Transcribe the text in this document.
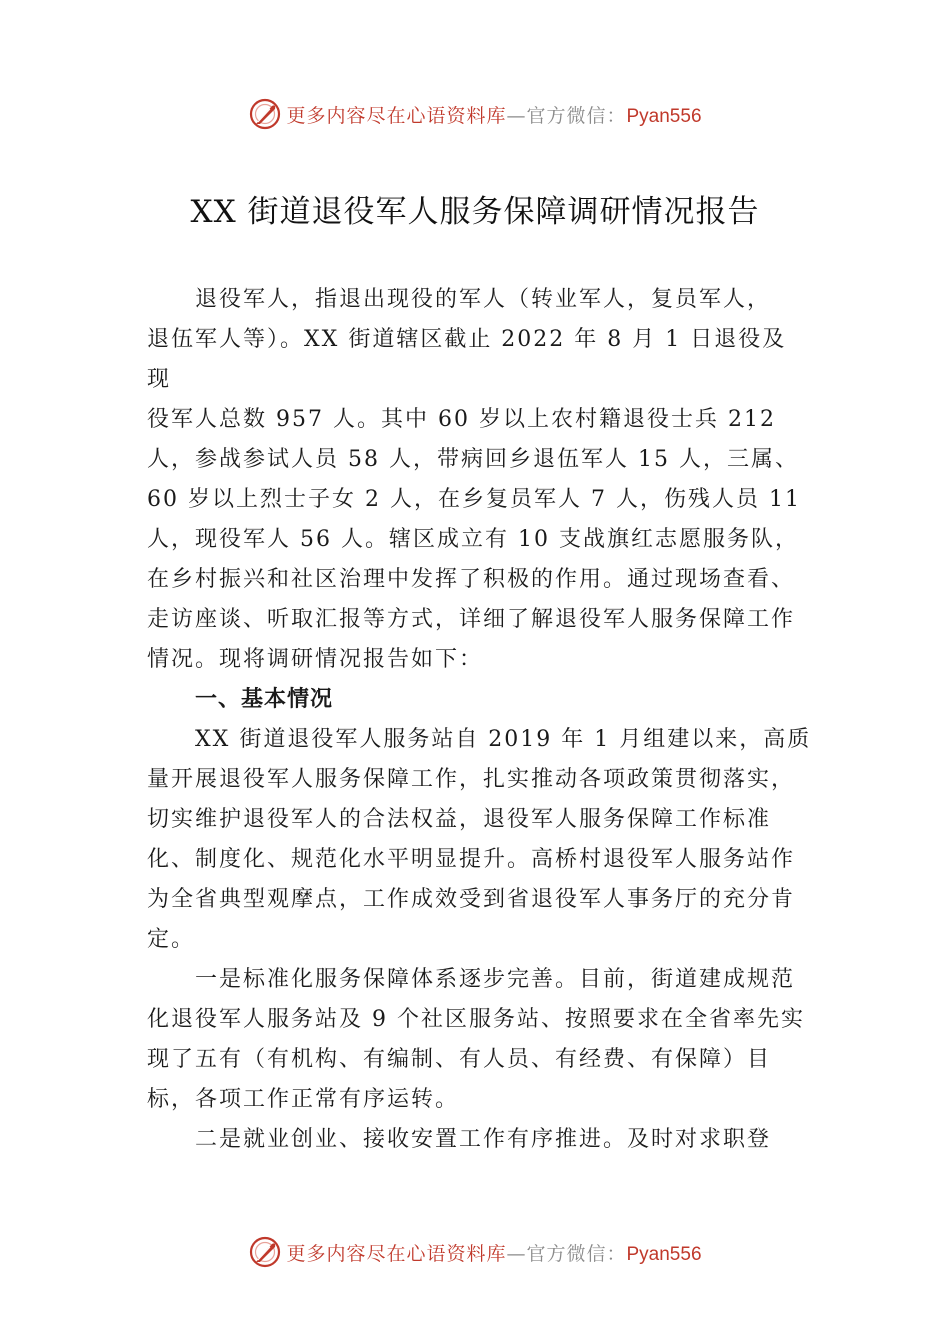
更多内容尽在心语资料库—官方微信：Pyan556
XX 街道退役军人服务保障调研情况报告

退役军人，指退出现役的军人（转业军人，复员军人，

退伍军人等）。XX 街道辖区截止 2022 年 8 月 1 日退役及

现

役军人总数 957 人。其中 60 岁以上农村籍退役士兵 212 人，参战参试人员 58 人，带病回乡退伍军人 15 人，三属、60 岁以上烈士子女 2 人，在乡复员军人 7 人，伤残人员 11 人，现役军人 56 人。辖区成立有 10 支战旗红志愿服务队，在乡村振兴和社区治理中发挥了积极的作用。通过现场查看、走访座谈、听取汇报等方式，详细了解退役军人服务保障工作情况。现将调研情况报告如下：

一、基本情况

XX 街道退役军人服务站自 2019 年 1 月组建以来，高质量开展退役军人服务保障工作，扎实推动各项政策贯彻落实，切实维护退役军人的合法权益，退役军人服务保障工作标准化、制度化、规范化水平明显提升。高桥村退役军人服务站作为全省典型观摩点，工作成效受到省退役军人事务厅的充分肯定。

一是标准化服务保障体系逐步完善。目前，街道建成规范化退役军人服务站及 9 个社区服务站、按照要求在全省率先实现了五有（有机构、有编制、有人员、有经费、有保障）目标，各项工作正常有序运转。

二是就业创业、接收安置工作有序推进。及时对求职登

更多内容尽在心语资料库—官方微信：Pyan556
